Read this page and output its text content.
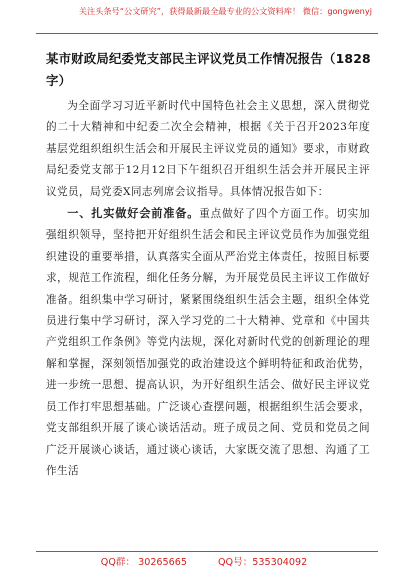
关注头条号“公文研究”，获得最新最全最专业的公文资料库！ 微信：gongwenyj
某市财政局纪委党支部民主评议党员工作情况报告（1828字）

为全面学习习近平新时代中国特色社会主义思想，深入贯彻党的二十大精神和中纪委二次全会精神，根据《关于召开2023年度基层党组织组织生活会和开展民主评议党员的通知》要求，市财政局纪委党支部于12月12日下午组织召开组织生活会并开展民主评议党员，局党委X同志列席会议指导。具体情况报告如下：

一、扎实做好会前准备。重点做好了四个方面工作。切实加强组织领导，坚持把开好组织生活会和民主评议党员作为加强党组织建设的重要举措，认真落实全面从严治党主体责任，按照目标要求，规范工作流程，细化任务分解，为开展党员民主评议工作做好准备。组织集中学习研讨，紧紧围绕组织生活会主题，组织全体党员进行集中学习研讨，深入学习党的二十大精神、党章和《中国共产党组织工作条例》等党内法规，深化对新时代党的创新理论的理解和掌握，深刻领悟加强党的政治建设这个鲜明特征和政治优势，进一步统一思想、提高认识，为开好组织生活会、做好民主评议党员工作打牢思想基础。广泛谈心查摆问题，根据组织生活会要求，党支部组织开展了谈心谈话活动。班子成员之间、党员和党员之间广泛开展谈心谈话，通过谈心谈话，大家既交流了思想、沟通了工作生活

QQ群： 30265665	QQ号：535304092
